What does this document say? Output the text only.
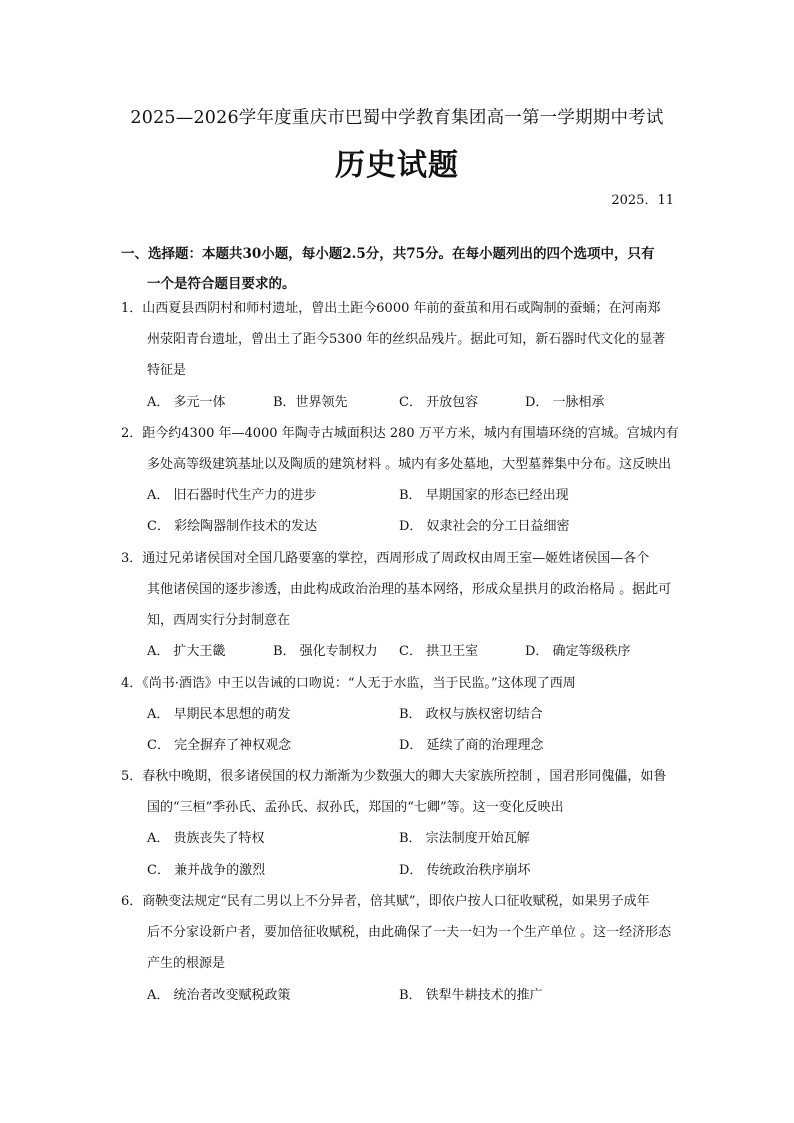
2025—2026学年度重庆市巴蜀中学教育集团高一第一学期期中考试
历史试题
2025．11
一、选择题：本题共30小题，每小题2.5分，共75分。在每小题列出的四个选项中，只有
一个是符合题目要求的。
1．山西夏县西阴村和师村遗址，曾出土距今6000 年前的蚕茧和用石或陶制的蚕蛹；在河南郑
州荥阳青台遗址，曾出土了距今5300 年的丝织品残片。据此可知，新石器时代文化的显著
特征是
A． 多元一体	B．世界领先	C． 开放包容	D． 一脉相承
2．距今约4300 年—4000 年陶寺古城面积达 280 万平方米，城内有围墙环绕的宫城。宫城内有
多处高等级建筑基址以及陶质的建筑材料 。城内有多处墓地，大型墓葬集中分布。这反映出
A． 旧石器时代生产力的进步	B． 早期国家的形态已经出现
C． 彩绘陶器制作技术的发达	D． 奴隶社会的分工日益细密
3．通过兄弟诸侯国对全国几路要塞的掌控，西周形成了周政权由周王室—姬姓诸侯国—各个
其他诸侯国的逐步渗透，由此构成政治治理的基本网络，形成众星拱月的政治格局 。据此可
知，西周实行分封制意在
A． 扩大王畿	B． 强化专制权力 C． 拱卫王室	D． 确定等级秩序
4．《尚书·酒诰》中王以告诫的口吻说：“人无于水监，当于民监。”这体现了西周
A． 早期民本思想的萌发	B． 政权与族权密切结合
C． 完全摒弃了神权观念	D． 延续了商的治理理念
5．春秋中晚期，很多诸侯国的权力渐渐为少数强大的卿大夫家族所控制 ，国君形同傀儡，如鲁
国的“三桓”季孙氏、孟孙氏、叔孙氏，郑国的“七卿”等。这一变化反映出
A． 贵族丧失了特权	B． 宗法制度开始瓦解
C． 兼并战争的激烈	D． 传统政治秩序崩坏
6．商鞅变法规定“民有二男以上不分异者，倍其赋”，即依户按人口征收赋税，如果男子成年
后不分家设新户者，要加倍征收赋税，由此确保了一夫一妇为一个生产单位 。这一经济形态
产生的根源是
A． 统治者改变赋税政策	B． 铁犁牛耕技术的推广
